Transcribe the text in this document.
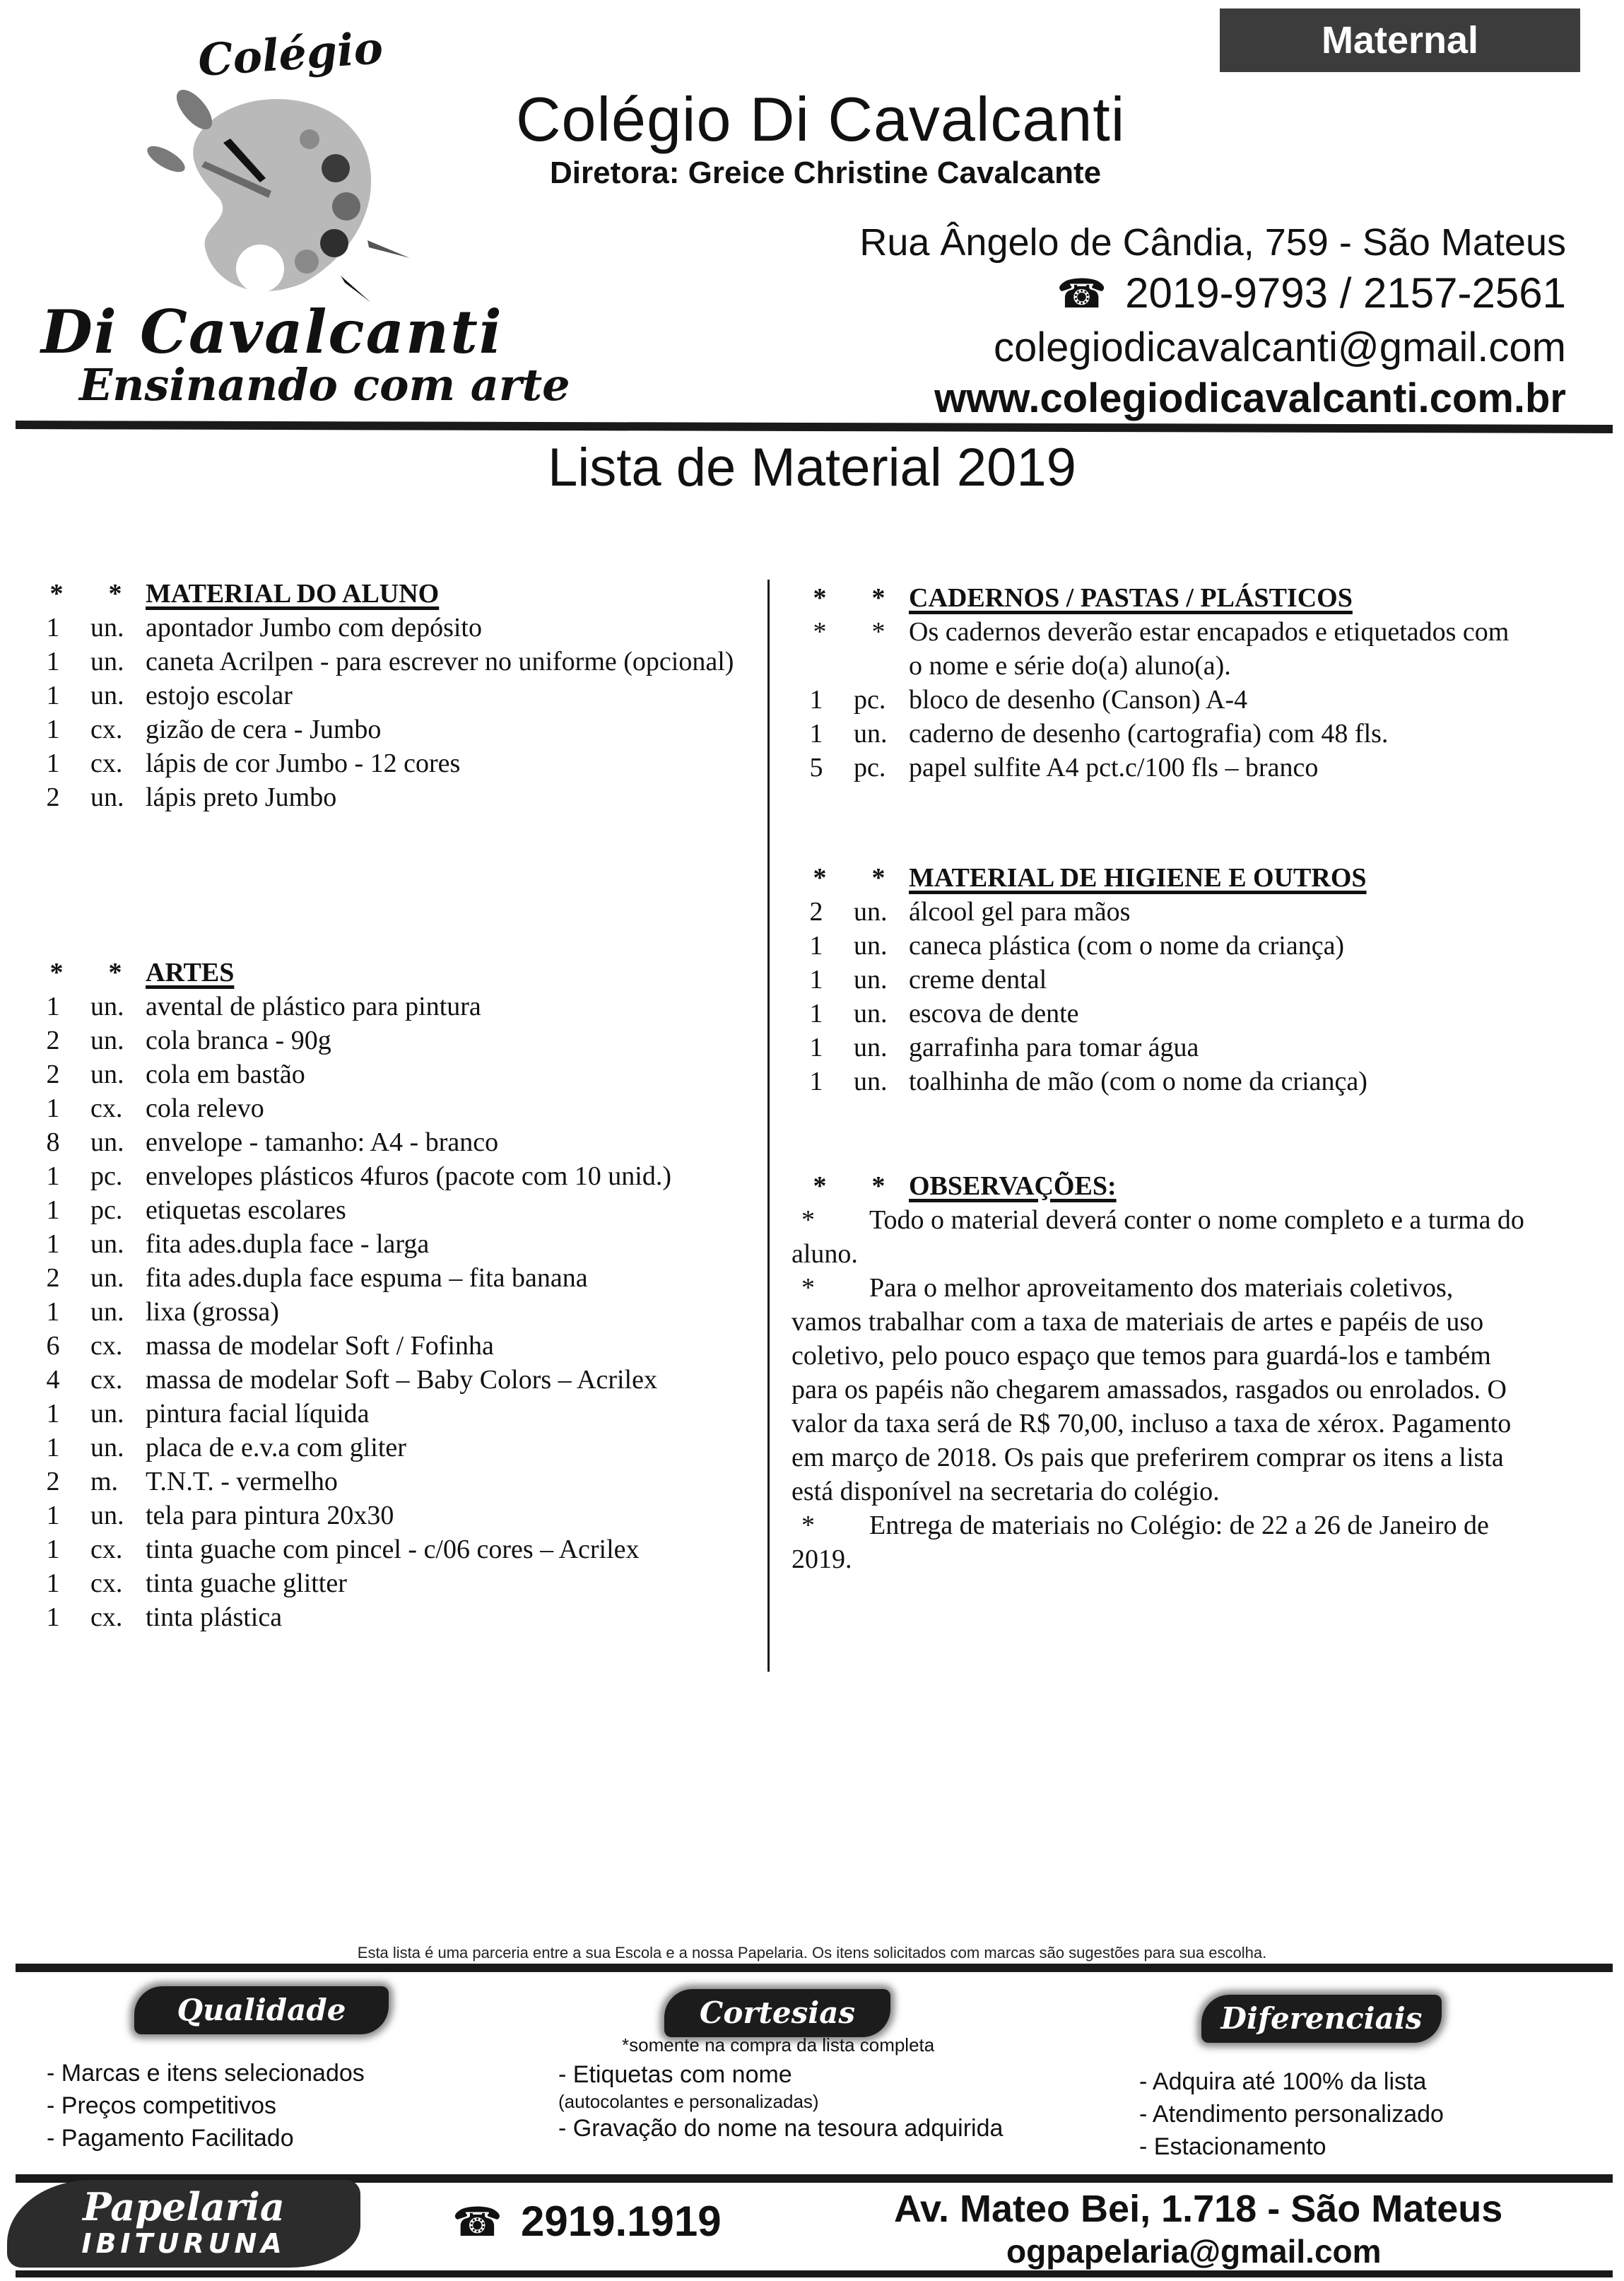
Colégio
Di Cavalcanti
Ensinando com arte
Maternal
Colégio Di Cavalcanti
Diretora: Greice Christine Cavalcante
Rua Ângelo de Cândia, 759 - São Mateus
☎ 2019-9793 / 2157-2561
colegiodicavalcanti@gmail.com
www.colegiodicavalcanti.com.br
Lista de Material 2019
*	* MATERIAL DO ALUNO
1	un. apontador Jumbo com depósito
1	un. caneta Acrilpen - para escrever no uniforme (opcional)
1	un. estojo escolar
1	cx. gizão de cera - Jumbo
1	cx. lápis de cor Jumbo - 12 cores
2	un. lápis preto Jumbo
*	* ARTES
1	un. avental de plástico para pintura
2	un. cola branca - 90g
2	un. cola em bastão
1	cx. cola relevo
8	un. envelope - tamanho: A4 - branco
1	pc. envelopes plásticos 4furos (pacote com 10 unid.)
1	pc. etiquetas escolares
1	un. fita ades.dupla face - larga
2	un. fita ades.dupla face espuma – fita banana
1	un. lixa (grossa)
6	cx. massa de modelar Soft / Fofinha
4	cx. massa de modelar Soft – Baby Colors – Acrilex
1	un. pintura facial líquida
1	un. placa de e.v.a com gliter
2	m.	T.N.T. - vermelho
1	un. tela para pintura 20x30
1	cx. tinta guache com pincel - c/06 cores – Acrilex
1	cx. tinta guache glitter
1	cx. tinta plástica
*	* CADERNOS / PASTAS / PLÁSTICOS
*	* Os cadernos deverão estar encapados e etiquetados com o nome e série do(a) aluno(a).
1	pc. bloco de desenho (Canson) A-4
1	un. caderno de desenho (cartografia) com 48 fls.
5	pc. papel sulfite A4 pct.c/100 fls – branco
*	* MATERIAL DE HIGIENE E OUTROS
2	un. álcool gel para mãos
1	un. caneca plástica (com o nome da criança)
1	un. creme dental
1	un. escova de dente
1	un. garrafinha para tomar água
1	un. toalhinha de mão (com o nome da criança)
*	* OBSERVAÇÕES:

* Todo o material deverá conter o nome completo e a turma do aluno.

* Para o melhor aproveitamento dos materiais coletivos, vamos trabalhar com a taxa de materiais de artes e papéis de uso coletivo, pelo pouco espaço que temos para guardá-los e também para os papéis não chegarem amassados, rasgados ou enrolados. O valor da taxa será de R$ 70,00, incluso a taxa de xérox. Pagamento em março de 2018. Os pais que preferirem comprar os itens a lista está disponível na secretaria do colégio.

* Entrega de materiais no Colégio: de 22 a 26 de Janeiro de 2019.

Esta lista é uma parceria entre a sua Escola e a nossa Papelaria. Os itens solicitados com marcas são sugestões para sua escolha.
Qualidade	Cortesias	Diferenciais
*somente na compra da lista completa
- Marcas e itens selecionados
- Preços competitivos
- Pagamento Facilitado
- Etiquetas com nome
(autocolantes e personalizadas)
- Gravação do nome na tesoura adquirida
- Adquira até 100% da lista
- Atendimento personalizado
- Estacionamento
Papelaria
IBITURUNA	☎ 2919.1919	Av. Mateo Bei, 1.718 - São Mateus
ogpapelaria@gmail.com
